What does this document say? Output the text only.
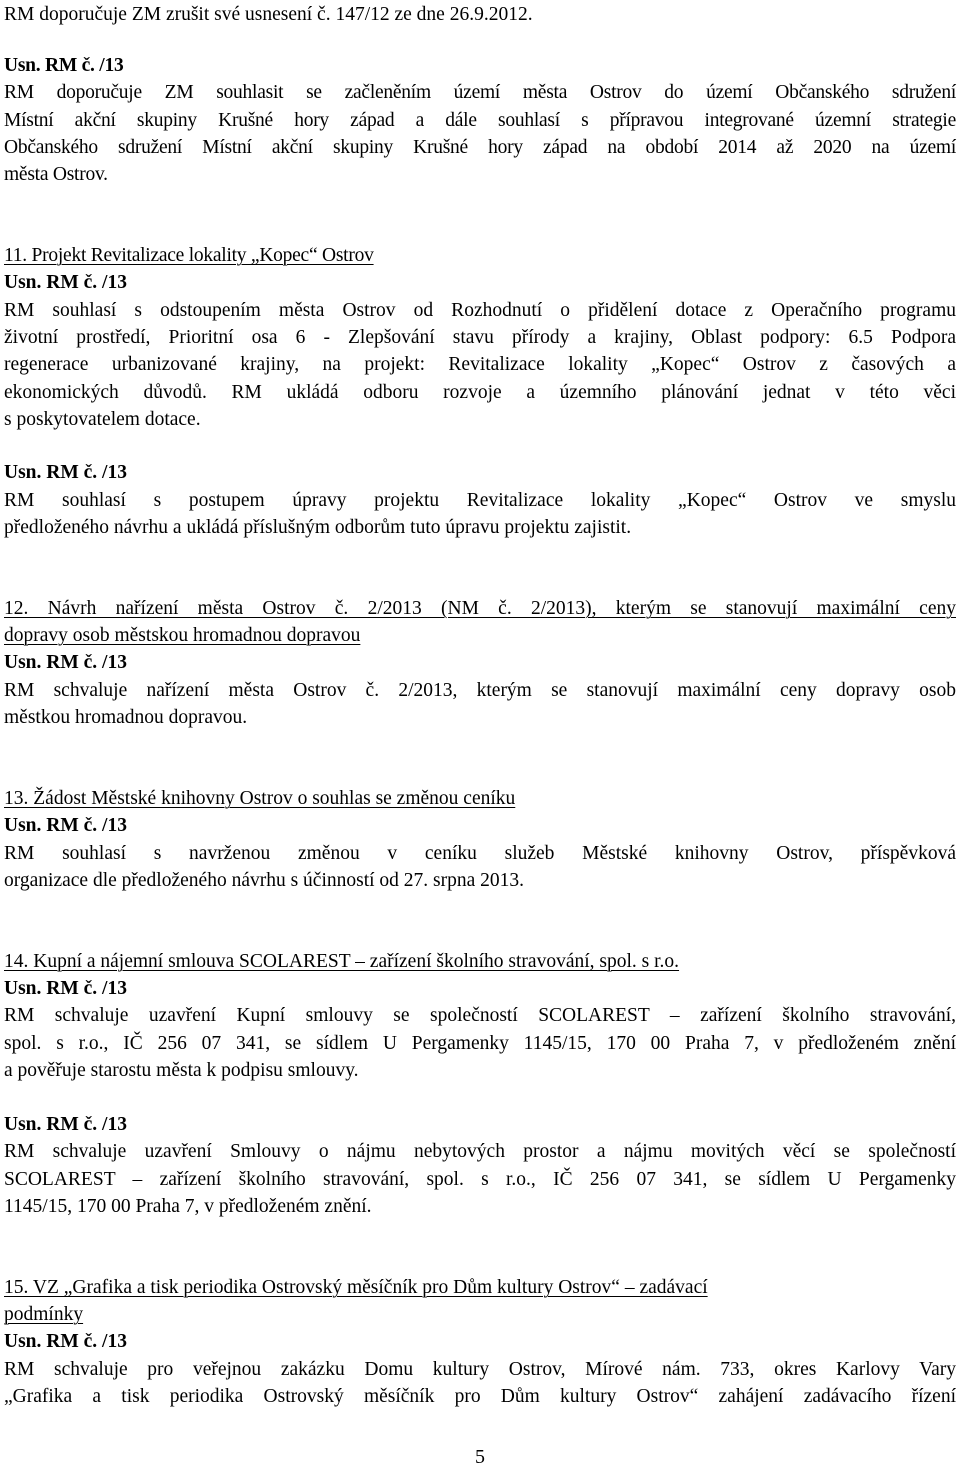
RM doporučuje ZM zrušit své usnesení č. 147/12 ze dne 26.9.2012.
Usn. RM č. /13
RM doporučuje ZM souhlasit se začleněním území města Ostrov do území Občanského sdružení
Místní akční skupiny Krušné hory západ a dále souhlasí s přípravou integrované územní strategie
Občanského sdružení Místní akční skupiny Krušné hory západ na období 2014 až 2020 na území
města Ostrov.
11. Projekt Revitalizace lokality „Kopec“ Ostrov
Usn. RM č. /13
RM souhlasí s odstoupením města Ostrov od Rozhodnutí o přidělení dotace z Operačního programu
životní prostředí, Prioritní osa 6 - Zlepšování stavu přírody a krajiny, Oblast podpory: 6.5 Podpora
regenerace urbanizované krajiny, na projekt: Revitalizace lokality „Kopec“ Ostrov z časových a
ekonomických důvodů. RM ukládá odboru rozvoje a územního plánování jednat v této věci
s poskytovatelem dotace.
Usn. RM č. /13
RM souhlasí s postupem úpravy projektu Revitalizace lokality „Kopec“ Ostrov ve smyslu
předloženého návrhu a ukládá příslušným odborům tuto úpravu projektu zajistit.
12. Návrh nařízení města Ostrov č. 2/2013 (NM č. 2/2013), kterým se stanovují maximální ceny
dopravy osob městskou hromadnou dopravou
Usn. RM č. /13
RM schvaluje nařízení města Ostrov č. 2/2013, kterým se stanovují maximální ceny dopravy osob
městkou hromadnou dopravou.
13. Žádost Městské knihovny Ostrov o souhlas se změnou ceníku
Usn. RM č. /13
RM souhlasí s navrženou změnou v ceníku služeb Městské knihovny Ostrov, příspěvková
organizace dle předloženého návrhu s účinností od 27. srpna 2013.
14. Kupní a nájemní smlouva SCOLAREST – zařízení školního stravování, spol. s r.o.
Usn. RM č. /13
RM schvaluje uzavření Kupní smlouvy se společností SCOLAREST – zařízení školního stravování,
spol. s r.o., IČ 256 07 341, se sídlem U Pergamenky 1145/15, 170 00 Praha 7, v předloženém znění
a pověřuje starostu města k podpisu smlouvy.
Usn. RM č. /13
RM schvaluje uzavření Smlouvy o nájmu nebytových prostor a nájmu movitých věcí se společností
SCOLAREST – zařízení školního stravování, spol. s r.o., IČ 256 07 341, se sídlem U Pergamenky
1145/15, 170 00 Praha 7, v předloženém znění.
15. VZ „Grafika a tisk periodika Ostrovský měsíčník pro Dům kultury Ostrov“ – zadávací
podmínky
Usn. RM č. /13
RM schvaluje pro veřejnou zakázku Domu kultury Ostrov, Mírové nám. 733, okres Karlovy Vary
„Grafika a tisk periodika Ostrovský měsíčník pro Dům kultury Ostrov“ zahájení zadávacího řízení
5
